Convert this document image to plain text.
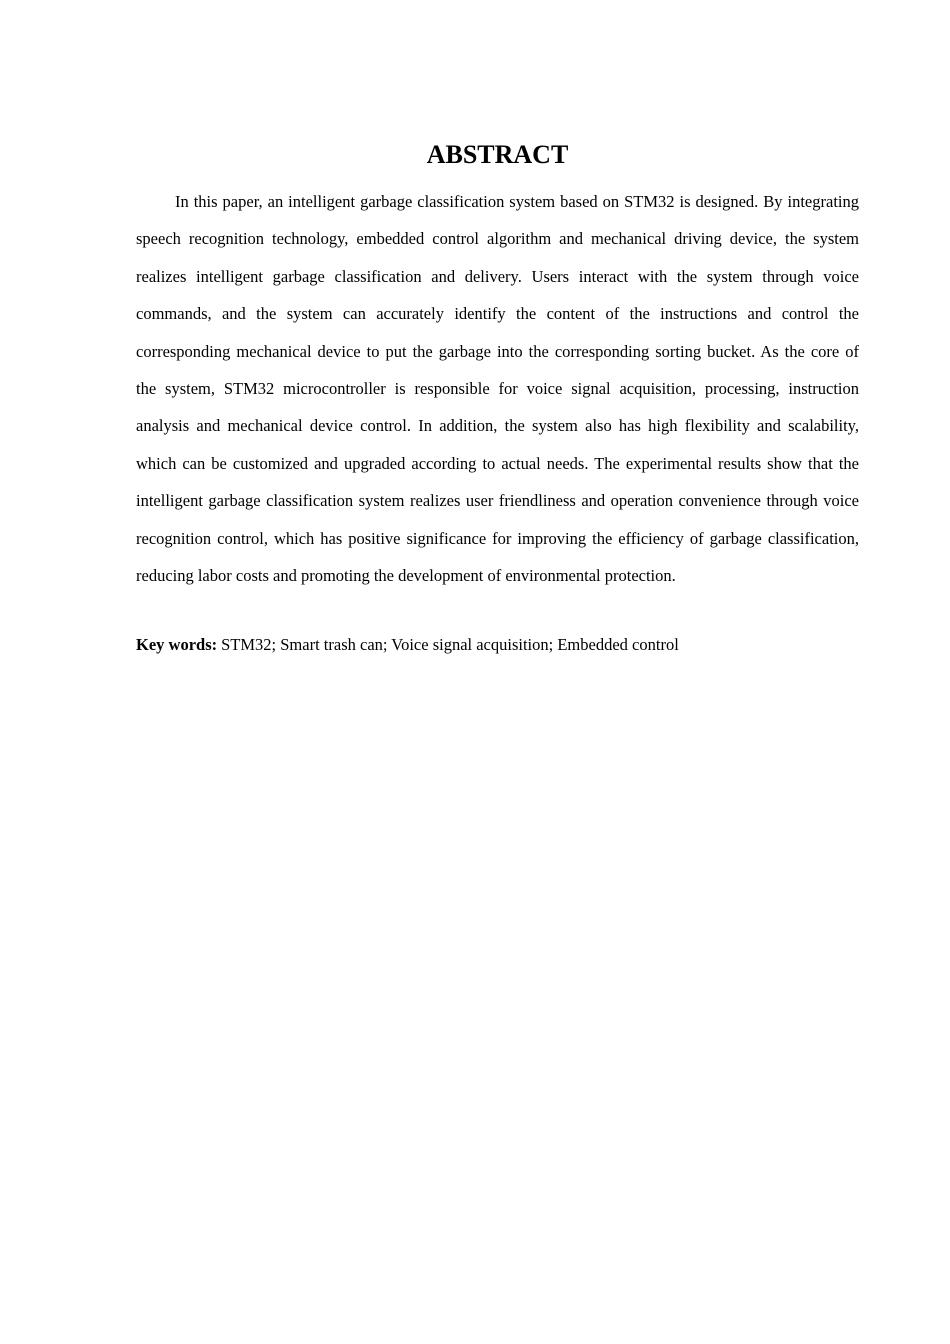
ABSTRACT
In this paper, an intelligent garbage classification system based on STM32 is designed. By integrating
speech recognition technology, embedded control algorithm and mechanical driving device, the system
realizes intelligent garbage classification and delivery. Users interact with the system through voice
commands, and the system can accurately identify the content of the instructions and control the
corresponding mechanical device to put the garbage into the corresponding sorting bucket. As the core of
the system, STM32 microcontroller is responsible for voice signal acquisition, processing, instruction
analysis and mechanical device control. In addition, the system also has high flexibility and scalability,
which can be customized and upgraded according to actual needs. The experimental results show that the
intelligent garbage classification system realizes user friendliness and operation convenience through voice
recognition control, which has positive significance for improving the efficiency of garbage classification,
reducing labor costs and promoting the development of environmental protection.
Key words: STM32; Smart trash can; Voice signal acquisition; Embedded control
